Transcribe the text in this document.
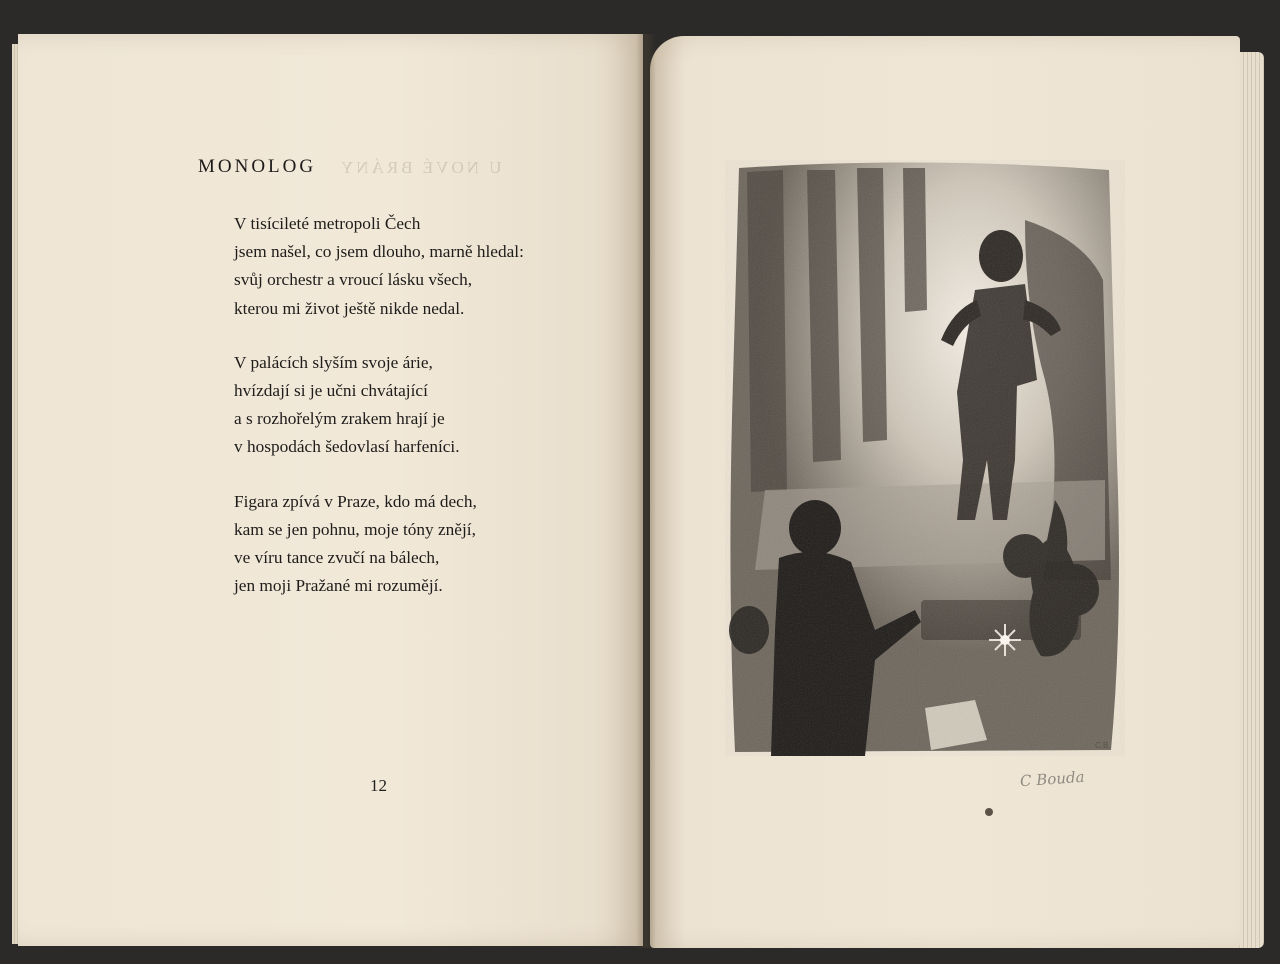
MONOLOG U NOVÉ BRÁNY
V tisícileté metropoli Čech
jsem našel, co jsem dlouho, marně hledal:
svůj orchestr a vroucí lásku všech,
kterou mi život ještě nikde nedal.
V palácích slyším svoje árie,
hvízdají si je učni chvátající
a s rozhořelým zrakem hrají je
v hospodách šedovlasí harfeníci.
Figara zpívá v Praze, kdo má dech,
kam se jen pohnu, moje tóny znějí,
ve víru tance zvučí na bálech,
jen moji Pražané mi rozumějí.
12
C.B.
C Bouda
